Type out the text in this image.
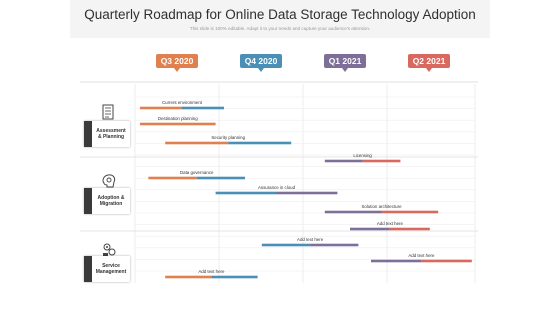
Quarterly Roadmap for Online Data Storage Technology Adoption
This slide is 100% editable. Adapt it to your needs and capture your audience's attention.
Q3 2020	Q4 2020	Q1 2021	Q2 2021
Assessment
& Planning
Adoption &
Migration
Service
Management
Current environment
Destination planning
Security planning
Licensing
Data governance
Assurance in cloud
Solution architecture
Add text here
Add text here
Add text here
Add text here
